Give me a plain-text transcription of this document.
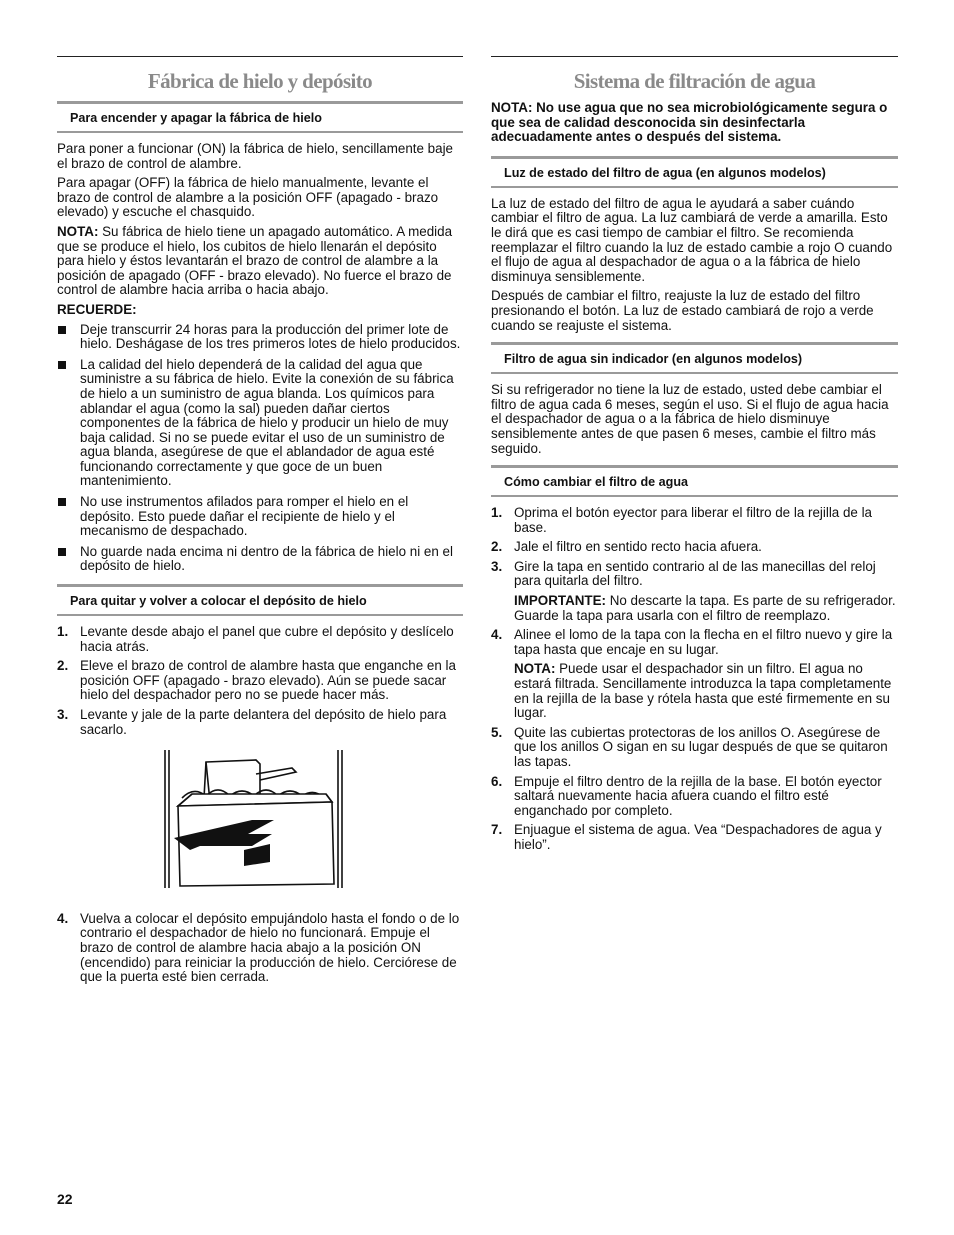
Fábrica de hielo y depósito
Para encender y apagar la fábrica de hielo

Para poner a funcionar (ON) la fábrica de hielo, sencillamente baje el brazo de control de alambre.

Para apagar (OFF) la fábrica de hielo manualmente, levante el brazo de control de alambre a la posición OFF (apagado - brazo elevado) y escuche el chasquido.

NOTA: Su fábrica de hielo tiene un apagado automático. A medida que se produce el hielo, los cubitos de hielo llenarán el depósito para hielo y éstos levantarán el brazo de control de alambre a la posición de apagado (OFF - brazo elevado). No fuerce el brazo de control de alambre hacia arriba o hacia abajo.

RECUERDE:

Deje transcurrir 24 horas para la producción del primer lote de hielo. Deshágase de los tres primeros lotes de hielo producidos.
La calidad del hielo dependerá de la calidad del agua que suministre a su fábrica de hielo. Evite la conexión de su fábrica de hielo a un suministro de agua blanda. Los químicos para ablandar el agua (como la sal) pueden dañar ciertos componentes de la fábrica de hielo y producir un hielo de muy baja calidad. Si no se puede evitar el uso de un suministro de agua blanda, asegúrese de que el ablandador de agua esté funcionando correctamente y que goce de un buen mantenimiento.
No use instrumentos afilados para romper el hielo en el depósito. Esto puede dañar el recipiente de hielo y el mecanismo de despachado.
No guarde nada encima ni dentro de la fábrica de hielo ni en el depósito de hielo.
Para quitar y volver a colocar el depósito de hielo
1. Levante desde abajo el panel que cubre el depósito y deslícelo hacia atrás.
2. Eleve el brazo de control de alambre hasta que enganche en la posición OFF (apagado - brazo elevado). Aún se puede sacar hielo del despachador pero no se puede hacer más.
3. Levante y jale de la parte delantera del depósito de hielo para sacarlo.
4. Vuelva a colocar el depósito empujándolo hasta el fondo o de lo contrario el despachador de hielo no funcionará. Empuje el brazo de control de alambre hacia abajo a la posición ON (encendido) para reiniciar la producción de hielo. Cerciórese de que la puerta esté bien cerrada.
Sistema de filtración de agua

NOTA: No use agua que no sea microbiológicamente segura o que sea de calidad desconocida sin desinfectarla adecuadamente antes o después del sistema.

Luz de estado del filtro de agua (en algunos modelos)

La luz de estado del filtro de agua le ayudará a saber cuándo cambiar el filtro de agua. La luz cambiará de verde a amarilla. Esto le dirá que es casi tiempo de cambiar el filtro. Se recomienda reemplazar el filtro cuando la luz de estado cambie a rojo O cuando el flujo de agua al despachador de agua o a la fábrica de hielo disminuya sensiblemente.

Después de cambiar el filtro, reajuste la luz de estado del filtro presionando el botón. La luz de estado cambiará de rojo a verde cuando se reajuste el sistema.

Filtro de agua sin indicador (en algunos modelos)

Si su refrigerador no tiene la luz de estado, usted debe cambiar el filtro de agua cada 6 meses, según el uso. Si el flujo de agua hacia el despachador de agua o a la fábrica de hielo disminuye sensiblemente antes de que pasen 6 meses, cambie el filtro más seguido.

Cómo cambiar el filtro de agua
1. Oprima el botón eyector para liberar el filtro de la rejilla de la base.
2. Jale el filtro en sentido recto hacia afuera.
3. Gire la tapa en sentido contrario al de las manecillas del reloj para quitarla del filtro.

IMPORTANTE: No descarte la tapa. Es parte de su refrigerador. Guarde la tapa para usarla con el filtro de reemplazo.

4. Alinee el lomo de la tapa con la flecha en el filtro nuevo y gire la tapa hasta que encaje en su lugar.

NOTA: Puede usar el despachador sin un filtro. El agua no estará filtrada. Sencillamente introduzca la tapa completamente en la rejilla de la base y rótela hasta que esté firmemente en su lugar.

5. Quite las cubiertas protectoras de los anillos O. Asegúrese de que los anillos O sigan en su lugar después de que se quitaron las tapas.
6. Empuje el filtro dentro de la rejilla de la base. El botón eyector saltará nuevamente hacia afuera cuando el filtro esté enganchado por completo.
7. Enjuague el sistema de agua. Vea “Despachadores de agua y hielo”.
22
